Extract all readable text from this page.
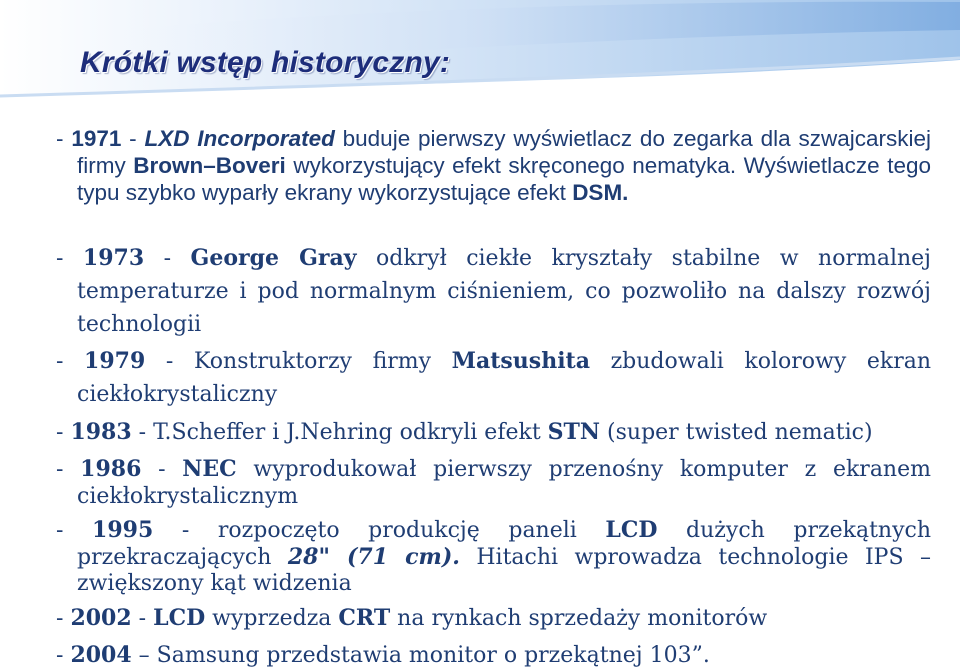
Krótki wstęp historyczny:
- 1971 - LXD Incorporated buduje pierwszy wyświetlacz do zegarka dla szwajcarskiej firmy Brown–Boveri wykorzystujący efekt skręconego nematyka. Wyświetlacze tego typu szybko wyparły ekrany wykorzystujące efekt DSM.
- 1973 - George Gray odkrył ciekłe kryształy stabilne w normalnej temperaturze i pod normalnym ciśnieniem, co pozwoliło na dalszy rozwój technologii
- 1979 - Konstruktorzy firmy Matsushita zbudowali kolorowy ekran ciekłokrystaliczny
- 1983 - T.Scheffer i J.Nehring odkryli efekt STN (super twisted nematic)
- 1986 - NEC wyprodukował pierwszy przenośny komputer z ekranem ciekłokrystalicznym
- 1995 - rozpoczęto produkcję paneli LCD dużych przekątnych przekraczających 28" (71 cm). Hitachi wprowadza technologie IPS – zwiększony kąt widzenia
- 2002 - LCD wyprzedza CRT na rynkach sprzedaży monitorów
- 2004 – Samsung przedstawia monitor o przekątnej 103”.
